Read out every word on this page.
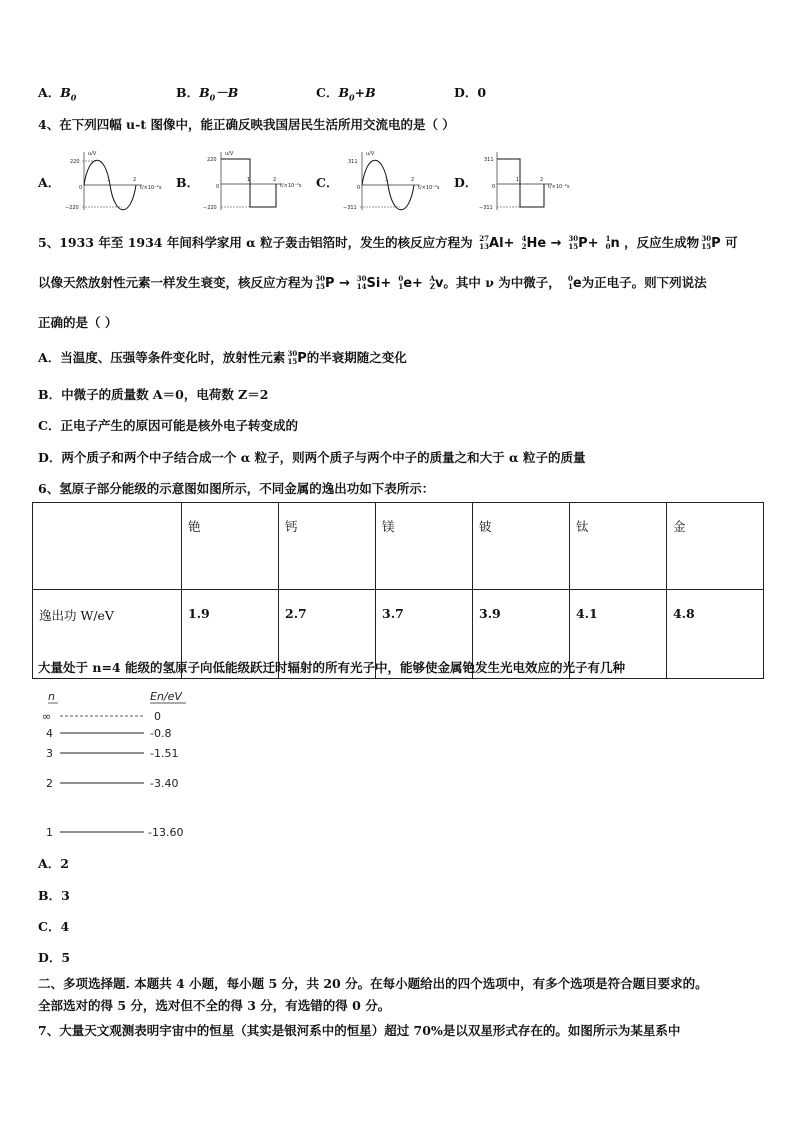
A．$B_0$	B．$B_0-B$	C．$B_0+B$	D．0
4、在下列四幅 u-t 图像中，能正确反映我国居民生活所用交流电的是（ ）
A．
u/V
220
−220
0	t/×10⁻²s
1	2	B．
u/V
220
−220
0	t/×10⁻²s
1	2	C．
u/V
311
−311
0	t/×10⁻²s
1	2	D．
311
−311
0	t/×10⁻²s
1	2
5、1933 年至 1934 年间科学家用 α 粒子轰击铝箔时，发生的核反应方程为 27
13 Al+	4
2 He → 30
15 P+	1
0 n ，反应生成物 30
15 P 可
以像天然放射性元素一样发生衰变，核反应方程为 30
15 P → 30
14 Si+	0
1 e+ A
Z v。其中 ν 为中微子，	0
1 e为正电子。则下列说法
正确的是（ ）
A．当温度、压强等条件变化时，放射性元素 30
15 P的半衰期随之变化
B．中微子的质量数 A＝0，电荷数 Z＝2
C．正电子产生的原因可能是核外电子转变成的
D．两个质子和两个中子结合成一个 α 粒子，则两个质子与两个中子的质量之和大于 α 粒子的质量
6、氢原子部分能级的示意图如图所示，不同金属的逸出功如下表所示：
	铯	钙	镁	铍	钛	金
逸出功 W/eV	1.9	2.7	3.7	3.9	4.1	4.8
大量处于 n=4 能级的氢原子向低能级跃迁时辐射的所有光子中，能够使金属铯发生光电效应的光子有几种
n	En/eV
∞	0
4	-0.8
3	-1.51
2	-3.40
1	-13.60
A．2
B．3
C．4
D．5
二、多项选择题. 本题共 4 小题，每小题 5 分，共 20 分。在每小题给出的四个选项中，有多个选项是符合题目要求的。
全部选对的得 5 分，选对但不全的得 3 分，有选错的得 0 分。
7、大量天文观测表明宇宙中的恒星（其实是银河系中的恒星）超过 70%是以双星形式存在的。如图所示为某星系中
